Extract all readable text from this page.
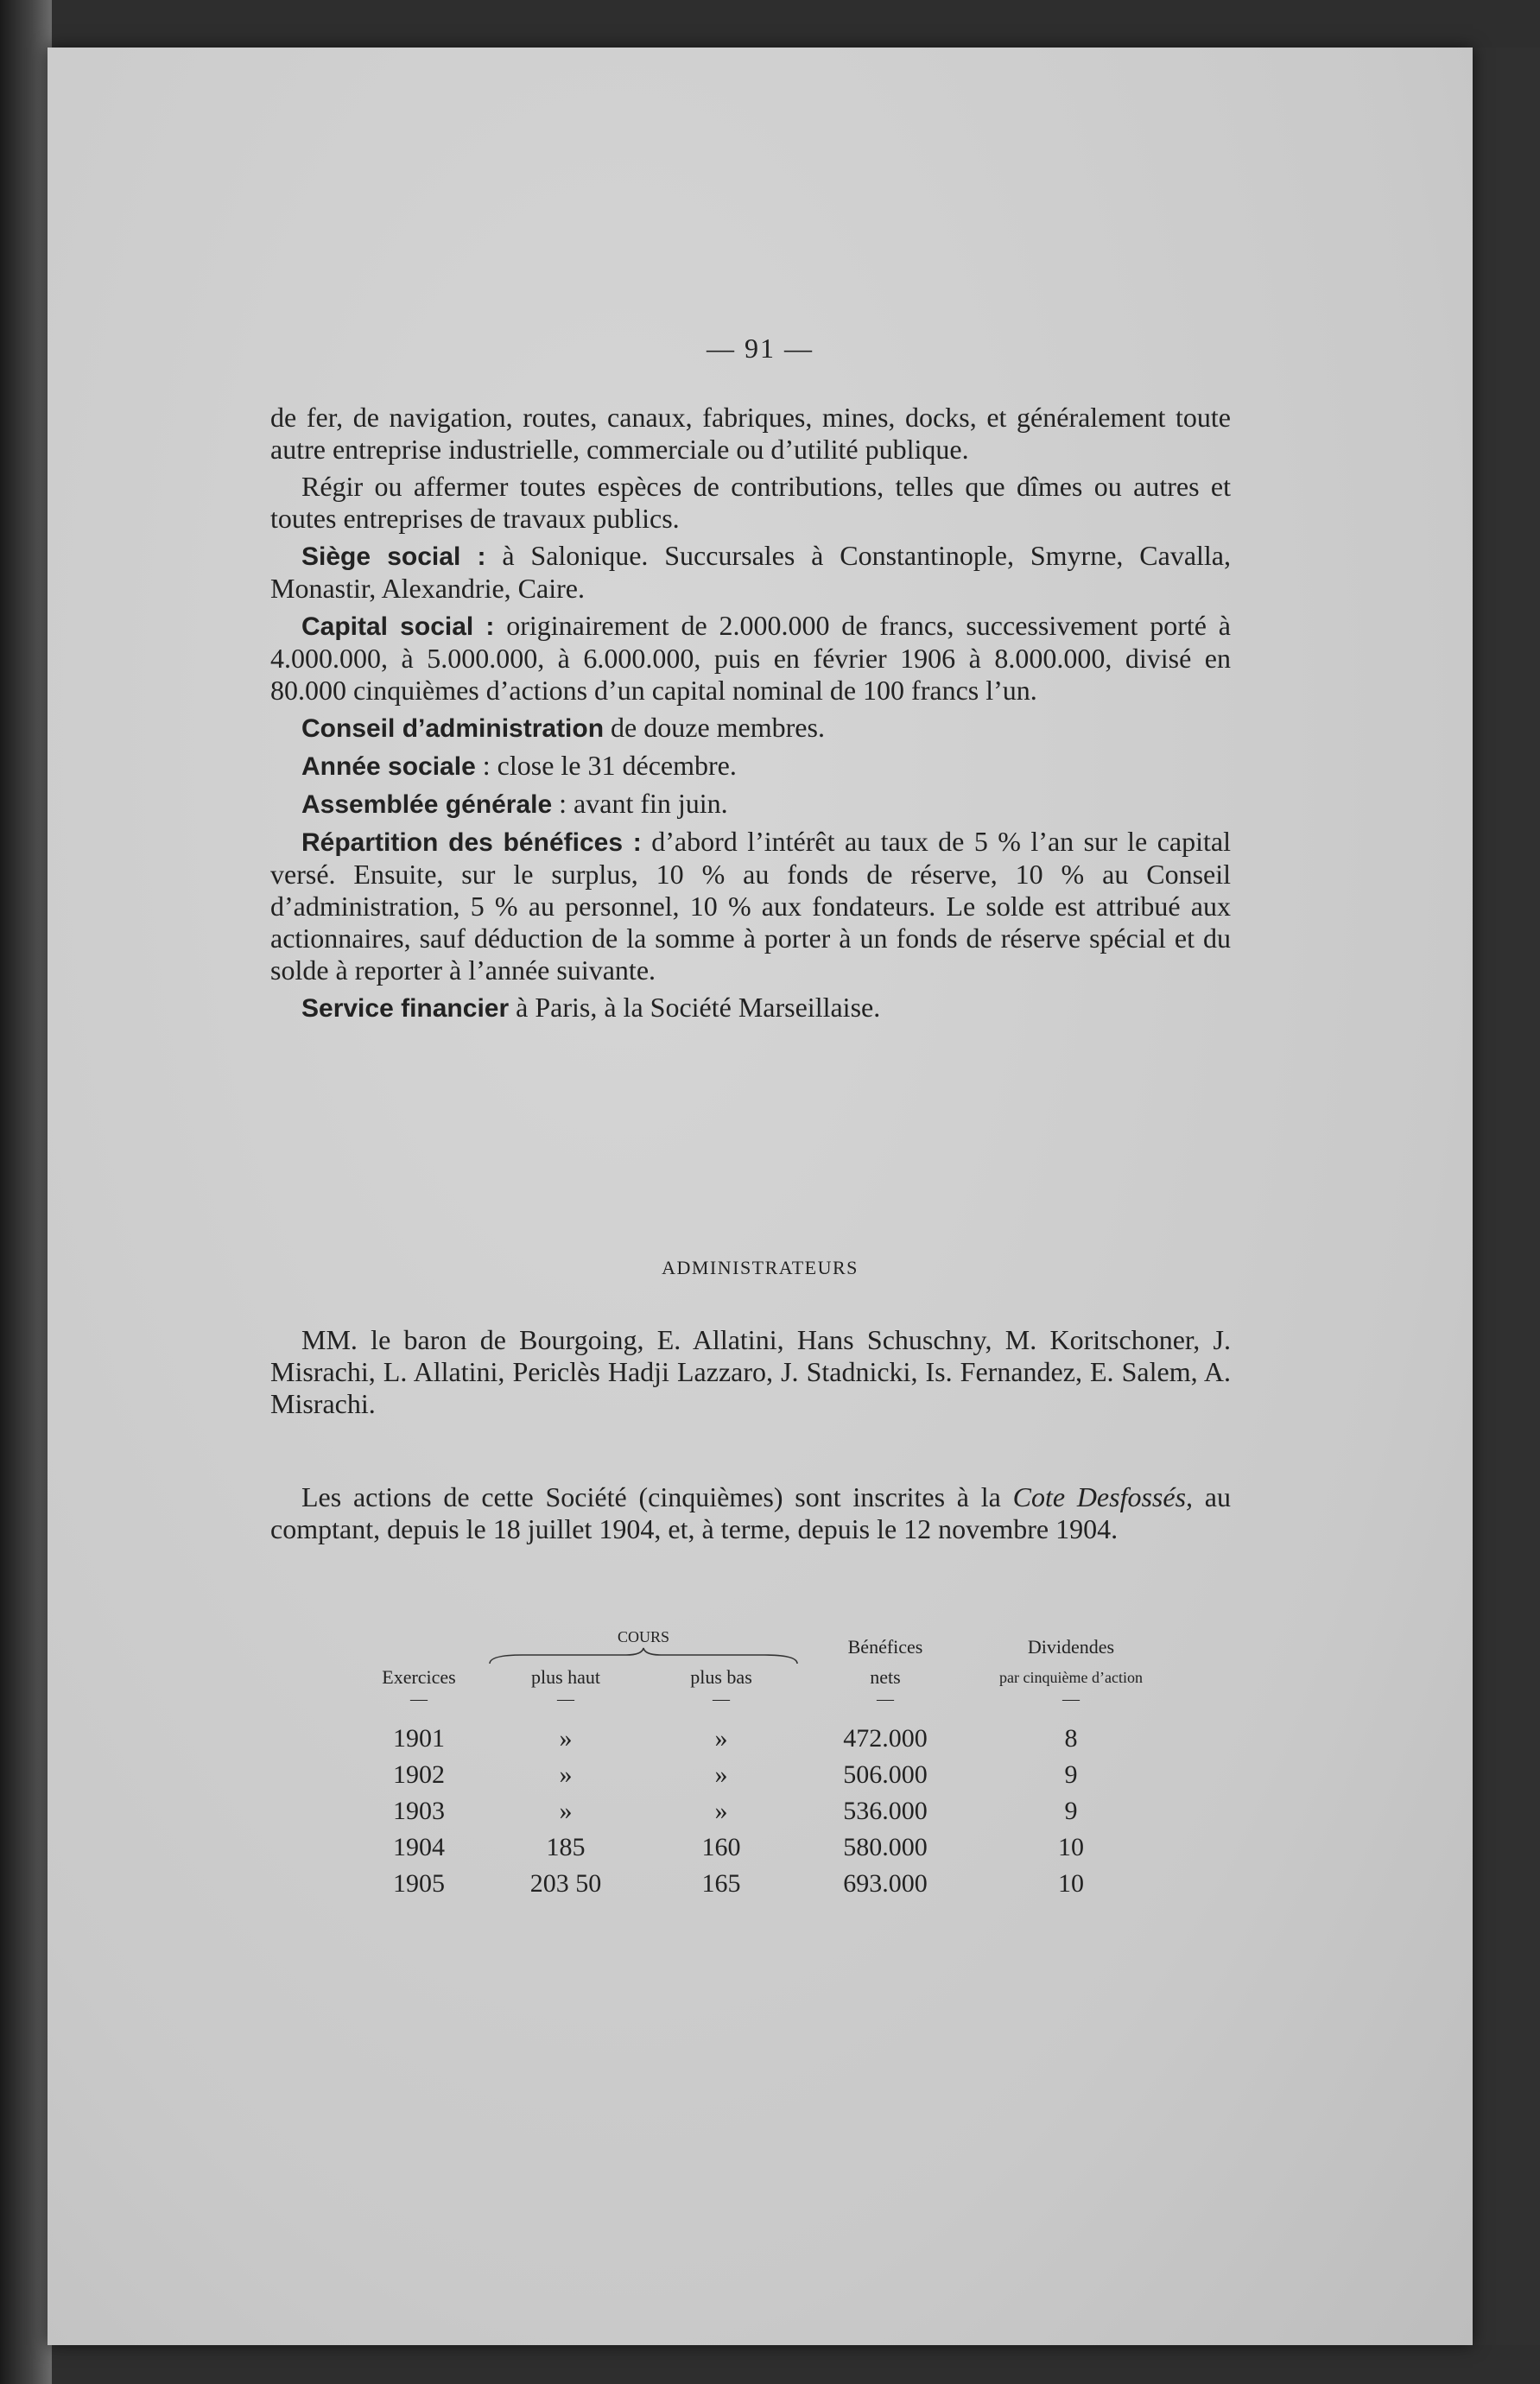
— 91 —

de fer, de navigation, routes, canaux, fabriques, mines, docks, et généralement toute autre entreprise industrielle, commerciale ou d’utilité publique.

Régir ou affermer toutes espèces de contributions, telles que dîmes ou autres et toutes entreprises de travaux publics.

Siège social : à Salonique. Succursales à Constantinople, Smyrne, Cavalla, Monastir, Alexandrie, Caire.

Capital social : originairement de 2.000.000 de francs, successivement porté à 4.000.000, à 5.000.000, à 6.000.000, puis en février 1906 à 8.000.000, divisé en 80.000 cinquièmes d’actions d’un capital nominal de 100 francs l’un.

Conseil d’administration de douze membres.

Année sociale : close le 31 décembre.

Assemblée générale : avant fin juin.

Répartition des bénéfices : d’abord l’intérêt au taux de 5 % l’an sur le capital versé. Ensuite, sur le surplus, 10 % au fonds de réserve, 10 % au Conseil d’administration, 5 % au personnel, 10 % aux fondateurs. Le solde est attribué aux actionnaires, sauf déduction de la somme à porter à un fonds de réserve spécial et du solde à reporter à l’année suivante.

Service financier à Paris, à la Société Marseillaise.

ADMINISTRATEURS

MM. le baron de Bourgoing, E. Allatini, Hans Schuschny, M. Koritschoner, J. Misrachi, L. Allatini, Periclès Hadji Lazzaro, J. Stadnicki, Is. Fernandez, E. Salem, A. Misrachi.

Les actions de cette Société (cinquièmes) sont inscrites à la Cote Desfossés, au comptant, depuis le 18 juillet 1904, et, à terme, depuis le 12 novembre 1904.

	COURS		Bénéfices	Dividendes
Exercices	plus haut	plus bas	nets	par cinquième d’action
—	—	—	—	—

1901	»	»	472.000	8
1902	»	»	506.000	9
1903	»	»	536.000	9
1904	185	160	580.000	10
1905	203 50	165	693.000	10
